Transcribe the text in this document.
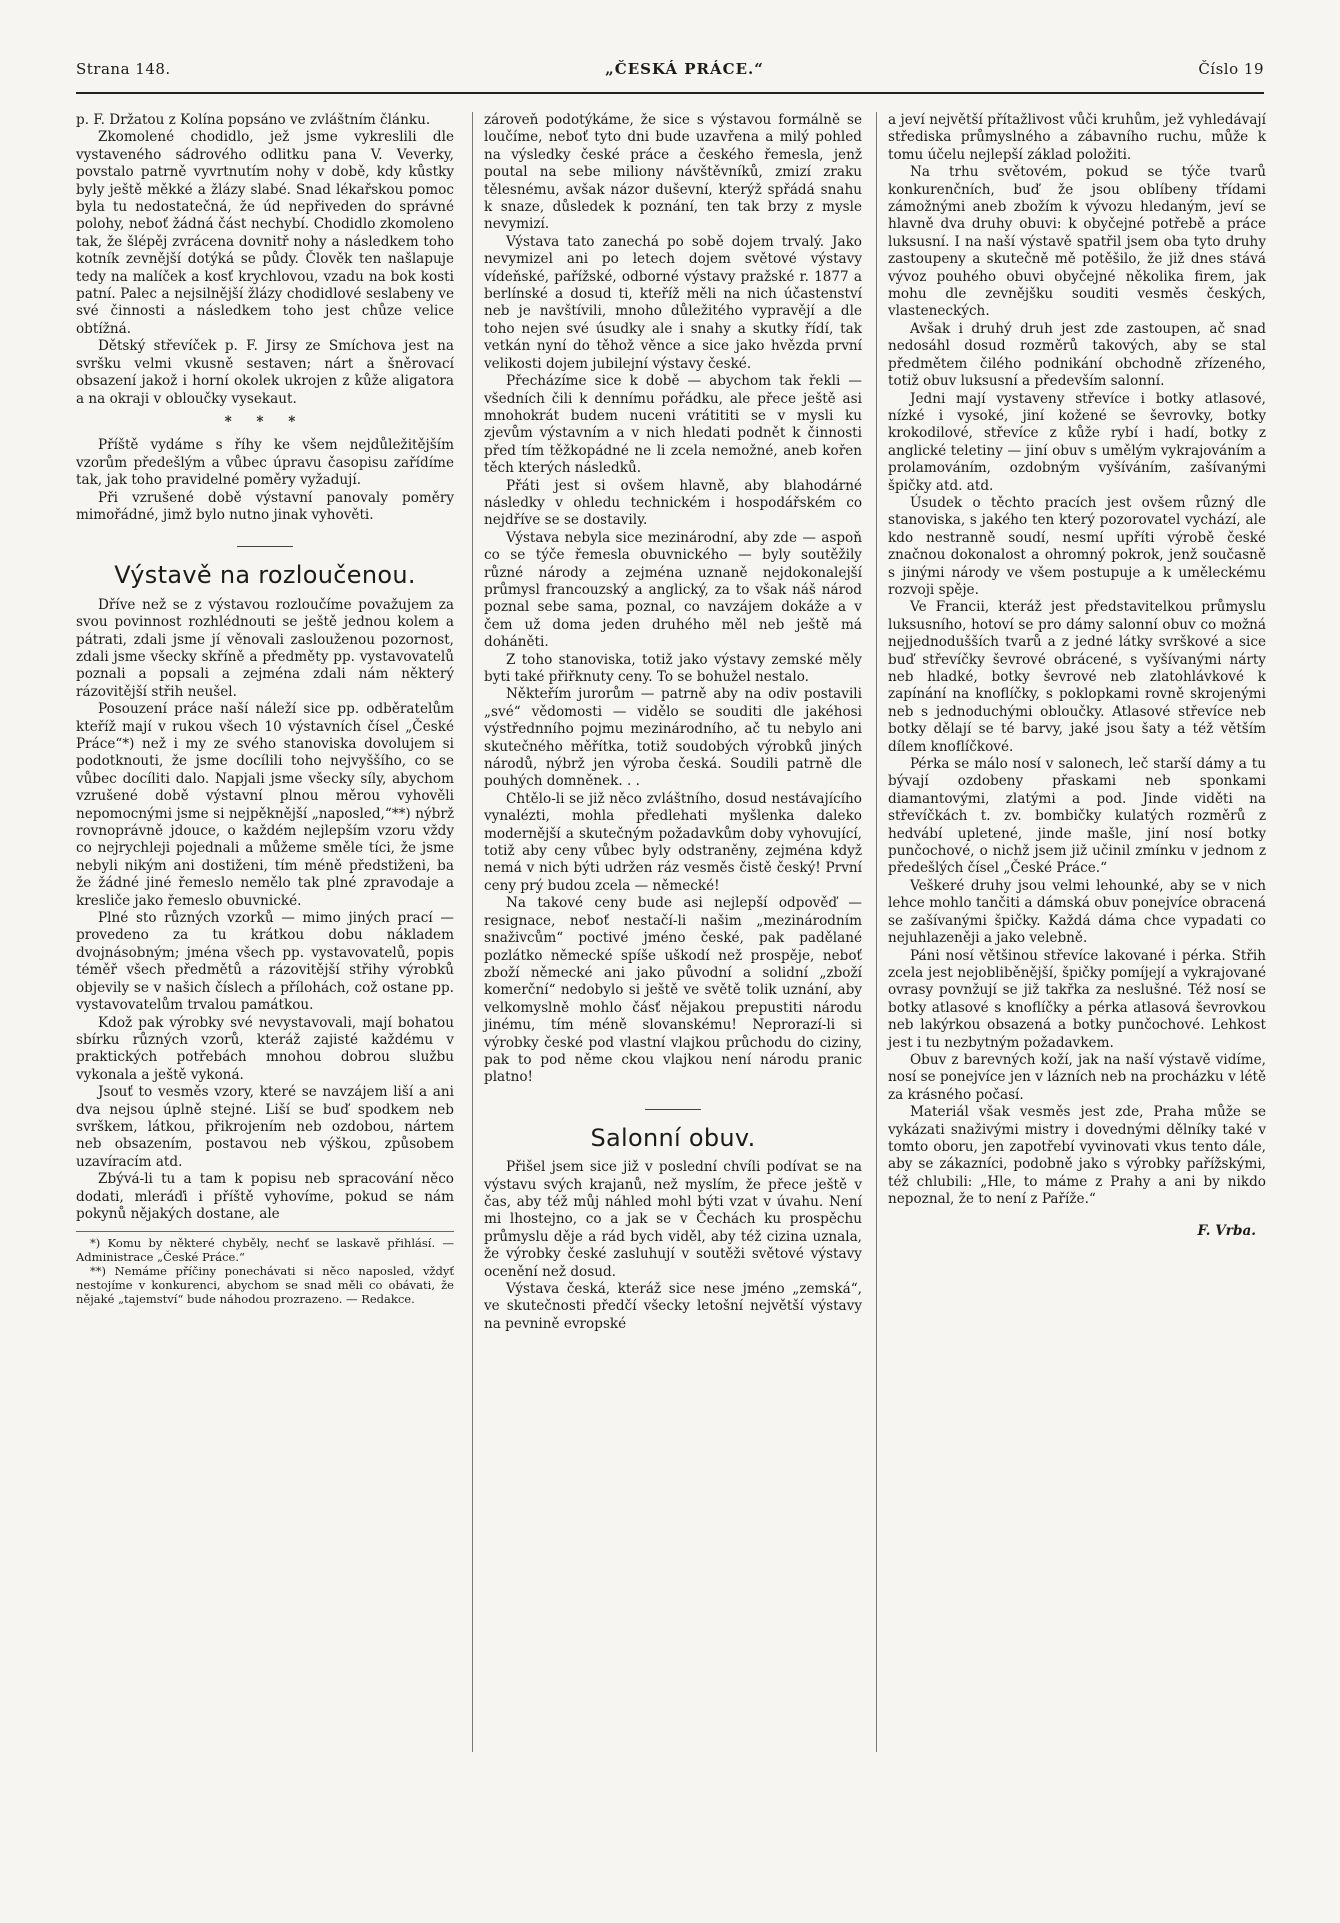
Strana 148.	„ČESKÁ PRÁCE.“	Číslo 19

p. F. Držatou z Kolína popsáno ve zvláštním článku.

Zkomolené chodidlo, jež jsme vykreslili dle vystaveného sádrového odlitku pana V. Veverky, povstalo patrně vyvrtnutím nohy v době, kdy kůstky byly ještě měkké a žlázy slabé. Snad lékařskou pomoc byla tu nedostatečná, že úd nepřiveden do správné polohy, neboť žádná část nechybí. Chodidlo zkomoleno tak, že šlépěj zvrácena dovnitř nohy a následkem toho kotník zevnější dotýká se půdy. Člověk ten našlapuje tedy na malíček a kosť krychlovou, vzadu na bok kosti patní. Palec a nejsilnější žlázy chodidlové seslabeny ve své činnosti a následkem toho jest chůze velice obtížná.

Dětský střevíček p. F. Jirsy ze Smíchova jest na svršku velmi vkusně sestaven; nárt a šněrovací obsazení jakož i horní okolek ukrojen z kůže aligatora a na okraji v obloučky vysekaut.

* * *

Příště vydáme s říhy ke všem nejdůležitějším vzorům předešlým a vůbec úpravu časopisu zařídíme tak, jak toho pravidelné poměry vyžadují.

Při vzrušené době výstavní panovaly poměry mimořádné, jimž bylo nutno jinak vyhověti.

Výstavě na rozloučenou.

Dříve než se z výstavou rozloučíme považujem za svou povinnost rozhlédnouti se ještě jednou kolem a pátrati, zdali jsme jí věnovali zaslouženou pozornost, zdali jsme všecky skříně a předměty pp. vystavovatelů poznali a popsali a zejména zdali nám některý rázovitější střih neušel.

Posouzení práce naší náleží sice pp. odběratelům kteříž mají v rukou všech 10 výstavních čísel „České Práce“*) než i my ze svého stanoviska dovolujem si podotknouti, že jsme docílili toho nejvyššího, co se vůbec docíliti dalo. Napjali jsme všecky síly, abychom vzrušené době výstavní plnou měrou vyhověli nepomocnými jsme si nejpěknější „naposled,“**) nýbrž rovnoprávně jdouce, o každém nejlepším vzoru vždy co nejrychleji pojednali a můžeme směle tíci, že jsme nebyli nikým ani dostiženi, tím méně předstiženi, ba že žádné jiné řemeslo nemělo tak plné zpravodaje a kresliče jako řemeslo obuvnické.

Plné sto různých vzorků — mimo jiných prací — provedeno za tu krátkou dobu nákladem dvojnásobným; jména všech pp. vystavovatelů, popis téměř všech předmětů a rázovitější střihy výrobků objevily se v našich číslech a přílohách, což ostane pp. vystavovatelům trvalou památkou.

Kdož pak výrobky své nevystavovali, mají bohatou sbírku různých vzorů, kteráž zajisté každému v praktických potřebách mnohou dobrou službu vykonala a ještě vykoná.

Jsouť to vesměs vzory, které se navzájem liší a ani dva nejsou úplně stejné. Liší se buď spodkem neb svrškem, látkou, přikrojením neb ozdobou, nártem neb obsazením, postavou neb výškou, způsobem uzavíracím atd.

Zbývá-li tu a tam k popisu neb spracování něco dodati, mleráďi i příště vyhovíme, pokud se nám pokynů nějakých dostane, ale

*) Komu by některé chyběly, nechť se laskavě přihlásí. — Administrace „České Práce.“

**) Nemáme příčiny ponechávati si něco naposled, vždyť nestojíme v konkurenci, abychom se snad měli co obávati, že nějaké „tajemství“ bude náhodou prozrazeno. — Redakce.

zároveň podotýkáme, že sice s výstavou formálně se loučíme, neboť tyto dni bude uzavřena a milý pohled na výsledky české práce a českého řemesla, jenž poutal na sebe miliony návštěvníků, zmizí zraku tělesnému, avšak názor duševní, kterýž spřádá snahu k snaze, důsledek k poznání, ten tak brzy z mysle nevymizí.

Výstava tato zanechá po sobě dojem trvalý. Jako nevymizel ani po letech dojem světové výstavy vídeňské, pařížské, odborné výstavy pražské r. 1877 a berlínské a dosud ti, kteříž měli na nich účastenství neb je navštívili, mnoho důležitého vypravějí a dle toho nejen své úsudky ale i snahy a skutky řídí, tak vetkán nyní do těhož věnce a sice jako hvězda první velikosti dojem jubilejní výstavy české.

Přecházíme sice k době — abychom tak řekli — všedních čili k dennímu pořádku, ale přece ještě asi mnohokrát budem nuceni vrátititi se v mysli ku zjevům výstavním a v nich hledati podnět k činnosti před tím těžkopádné ne li zcela nemožné, aneb kořen těch kterých následků.

Přáti jest si ovšem hlavně, aby blahodárné následky v ohledu technickém i hospodářském co nejdříve se se dostavily.

Výstava nebyla sice mezinárodní, aby zde — aspoň co se týče řemesla obuvnického — byly soutěžily různé národy a zejména uznaně nejdokonalejší průmysl francouzský a anglický, za to však náš národ poznal sebe sama, poznal, co navzájem dokáže a v čem už doma jeden druhého měl neb ještě má doháněti.

Z toho stanoviska, totiž jako výstavy zemské měly byti také přiřknuty ceny. To se bohužel nestalo.

Někteřím jurorům — patrně aby na odiv postavili „své“ vědomosti — vidělo se souditi dle jakéhosi výstřednního pojmu mezinárodního, ač tu nebylo ani skutečného měřítka, totiž soudobých výrobků jiných národů, nýbrž jen výroba česká. Soudili patrně dle pouhých domněnek. . .

Chtělo-li se již něco zvláštního, dosud nestávajícího vynalézti, mohla předlehati myšlenka daleko modernější a skutečným požadavkům doby vyhovující, totiž aby ceny vůbec byly odstraněny, zejména když nemá v nich býti udržen ráz vesměs čistě český! První ceny prý budou zcela — německé!

Na takové ceny bude asi nejlepší odpověď — resignace, neboť nestačí-li našim „mezinárodním snaživcům“ poctivé jméno české, pak padělané pozlátko německé spíše uškodí než prospěje, neboť zboží německé ani jako původní a solidní „zboží komerční“ nedobylo si ještě ve světě tolik uznání, aby velkomyslně mohlo čásť nějakou prepustiti národu jinému, tím méně slovanskému! Neprorazí-li si výrobky české pod vlastní vlajkou průchodu do ciziny, pak to pod něme ckou vlajkou není národu pranic platno!

Salonní obuv.

Přišel jsem sice již v poslední chvíli podívat se na výstavu svých krajanů, než myslím, že přece ještě v čas, aby též můj náhled mohl býti vzat v úvahu. Není mi lhostejno, co a jak se v Čechách ku prospěchu průmyslu děje a rád bych viděl, aby též cizina uznala, že výrobky české zasluhují v soutěži světové výstavy ocenění než dosud.

Výstava česká, kteráž sice nese jméno „zemská“, ve skutečnosti předčí všecky letošní největší výstavy na pevnině evropské

a jeví největší přítažlivost vůči kruhům, jež vyhledávají střediska průmyslného a zábavního ruchu, může k tomu účelu nejlepší základ položiti.

Na trhu světovém, pokud se týče tvarů konkurenčních, buď že jsou oblíbeny třídami zámožnými aneb zbožím k vývozu hledaným, jeví se hlavně dva druhy obuvi: k obyčejné potřebě a práce luksusní. I na naší výstavě spatřil jsem oba tyto druhy zastoupeny a skutečně mě potěšilo, že již dnes stává vývoz pouhého obuvi obyčejné několika firem, jak mohu dle zevnějšku souditi vesměs českých, vlasteneckých.

Avšak i druhý druh jest zde zastoupen, ač snad nedosáhl dosud rozměrů takových, aby se stal předmětem čilého podnikání obchodně zřízeného, totiž obuv luksusní a především salonní.

Jedni mají vystaveny střevíce i botky atlasové, nízké i vysoké, jiní kožené se ševrovky, botky krokodilové, střevíce z kůže rybí i hadí, botky z anglické teletiny — jiní obuv s umělým vykrajováním a prolamováním, ozdobným vyšíváním, zašívanými špičky atd. atd.

Úsudek o těchto pracích jest ovšem různý dle stanoviska, s jakého ten který pozorovatel vychází, ale kdo nestranně soudí, nesmí upříti výrobě české značnou dokonalost a ohromný pokrok, jenž současně s jinými národy ve všem postupuje a k uměleckému rozvoji spěje.

Ve Francii, kteráž jest představitelkou průmyslu luksusního, hotoví se pro dámy salonní obuv co možná nejjednodušších tvarů a z jedné látky svrškové a sice buď střevíčky ševrové obrácené, s vyšívanými nárty neb hladké, botky ševrové neb zlatohlávkové k zapínání na knoflíčky, s poklopkami rovně skrojenými neb s jednoduchými obloučky. Atlasové střevíce neb botky dělají se té barvy, jaké jsou šaty a též větším dílem knoflíčkové.

Pérka se málo nosí v salonech, leč starší dámy a tu bývají ozdobeny přaskami neb sponkami diamantovými, zlatými a pod. Jinde viděti na střevíčkách t. zv. bombičky kulatých rozměrů z hedvábí upletené, jinde mašle, jiní nosí botky punčochové, o nichž jsem již učinil zmínku v jednom z předešlých čísel „České Práce.“

Veškeré druhy jsou velmi lehounké, aby se v nich lehce mohlo tančiti a dámská obuv ponejvíce obracená se zašívanými špičky. Každá dáma chce vypadati co nejuhlazeněji a jako velebně.

Páni nosí většinou střevíce lakované i pérka. Střih zcela jest nejobliběnější, špičky pomíjejí a vykrajované ovrasy povnžují se již takřka za neslušné. Též nosí se botky atlasové s knoflíčky a pérka atlasová ševrovkou neb lakýrkou obsazená a botky punčochové. Lehkost jest i tu nezbytným požadavkem.

Obuv z barevných koží, jak na naší výstavě vidíme, nosí se ponejvíce jen v lázních neb na procházku v létě za krásného počasí.

Materiál však vesměs jest zde, Praha může se vykázati snaživými mistry i dovednými dělníky také v tomto oboru, jen zapotřebí vyvinovati vkus tento dále, aby se zákazníci, podobně jako s výrobky pařížskými, též chlubili: „Hle, to máme z Prahy a ani by nikdo nepoznal, že to není z Paříže.“

F. Vrba.
